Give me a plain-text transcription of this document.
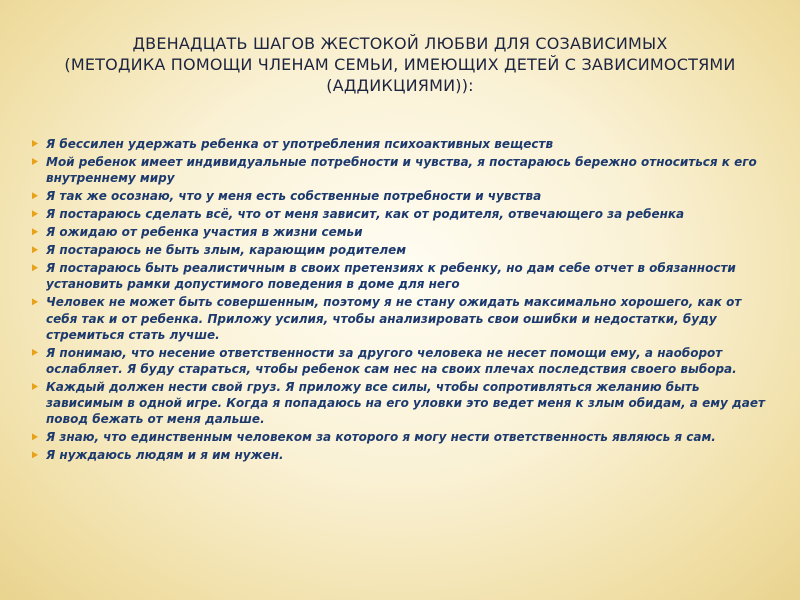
ДВЕНАДЦАТЬ ШАГОВ ЖЕСТОКОЙ ЛЮБВИ ДЛЯ СОЗАВИСИМЫХ
(МЕТОДИКА ПОМОЩИ ЧЛЕНАМ СЕМЬИ, ИМЕЮЩИХ ДЕТЕЙ С ЗАВИСИМОСТЯМИ
(АДДИКЦИЯМИ)):
Я бессилен удержать ребенка от употребления психоактивных веществ
Мой ребенок имеет индивидуальные потребности и чувства, я постараюсь бережно относиться к его внутреннему миру
Я так же осознаю, что у меня есть собственные потребности и чувства
Я постараюсь сделать всё, что от меня зависит, как от родителя, отвечающего за ребенка
Я ожидаю от ребенка участия в жизни семьи
Я постараюсь не быть злым, карающим родителем
Я постараюсь быть реалистичным в своих претензиях к ребенку, но дам себе отчет в обязанности установить рамки допустимого поведения в доме для него
Человек не может быть совершенным, поэтому я не стану ожидать максимально хорошего, как от себя так и от ребенка. Приложу усилия, чтобы анализировать свои ошибки и недостатки, буду стремиться стать лучше.
Я понимаю, что несение ответственности за другого человека не несет помощи ему, а наоборот ослабляет. Я буду стараться, чтобы ребенок сам нес на своих плечах последствия своего выбора.
Каждый должен нести свой груз. Я приложу все силы, чтобы сопротивляться желанию быть зависимым в одной игре. Когда я попадаюсь на его уловки это ведет меня к злым обидам, а ему дает повод бежать от меня дальше.
Я знаю, что единственным человеком за которого я могу нести ответственность являюсь я сам.
Я нуждаюсь людям и я им нужен.
